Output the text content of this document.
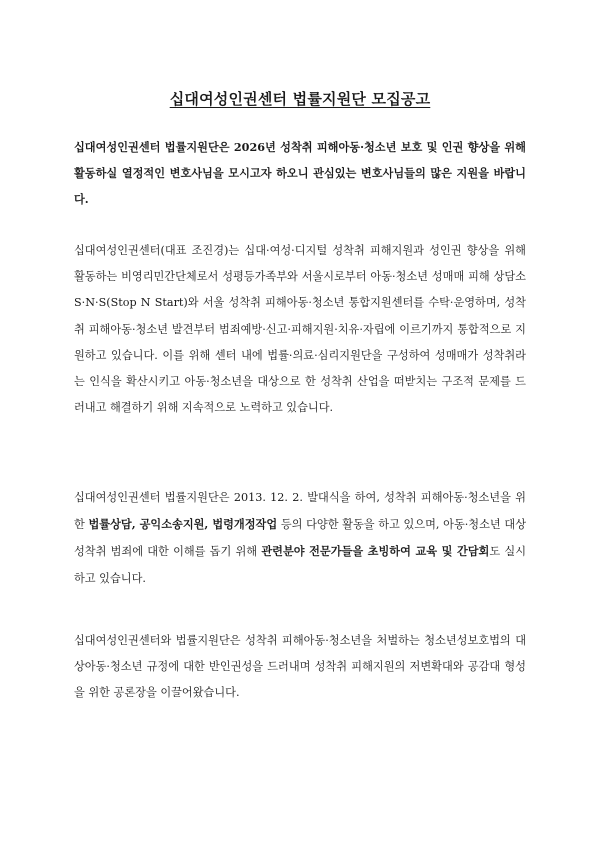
십대여성인권센터 법률지원단 모집공고

십대여성인권센터 법률지원단은 2026년 성착취 피해아동·청소년 보호 및 인권 향상을 위해 활동하실 열정적인 변호사님을 모시고자 하오니 관심있는 변호사님들의 많은 지원을 바랍니다.

십대여성인권센터(대표 조진경)는 십대·여성·디지털 성착취 피해지원과 성인권 향상을 위해 활동하는 비영리민간단체로서 성평등가족부와 서울시로부터 아동·청소년 성매매 피해 상담소 S·N·S(Stop N Start)와 서울 성착취 피해아동·청소년 통합지원센터를 수탁·운영하며, 성착취 피해아동·청소년 발견부터 범죄예방·신고·피해지원·치유·자립에 이르기까지 통합적으로 지원하고 있습니다. 이를 위해 센터 내에 법률·의료·심리지원단을 구성하여 성매매가 성착취라는 인식을 확산시키고 아동·청소년을 대상으로 한 성착취 산업을 떠받치는 구조적 문제를 드러내고 해결하기 위해 지속적으로 노력하고 있습니다.

십대여성인권센터 법률지원단은 2013. 12. 2. 발대식을 하여, 성착취 피해아동·청소년을 위한 법률상담, 공익소송지원, 법령개정작업 등의 다양한 활동을 하고 있으며, 아동·청소년 대상 성착취 범죄에 대한 이해를 돕기 위해 관련분야 전문가들을 초빙하여 교육 및 간담회도 실시하고 있습니다.

십대여성인권센터와 법률지원단은 성착취 피해아동·청소년을 처벌하는 청소년성보호법의 대상아동·청소년 규정에 대한 반인권성을 드러내며 성착취 피해지원의 저변확대와 공감대 형성을 위한 공론장을 이끌어왔습니다.
